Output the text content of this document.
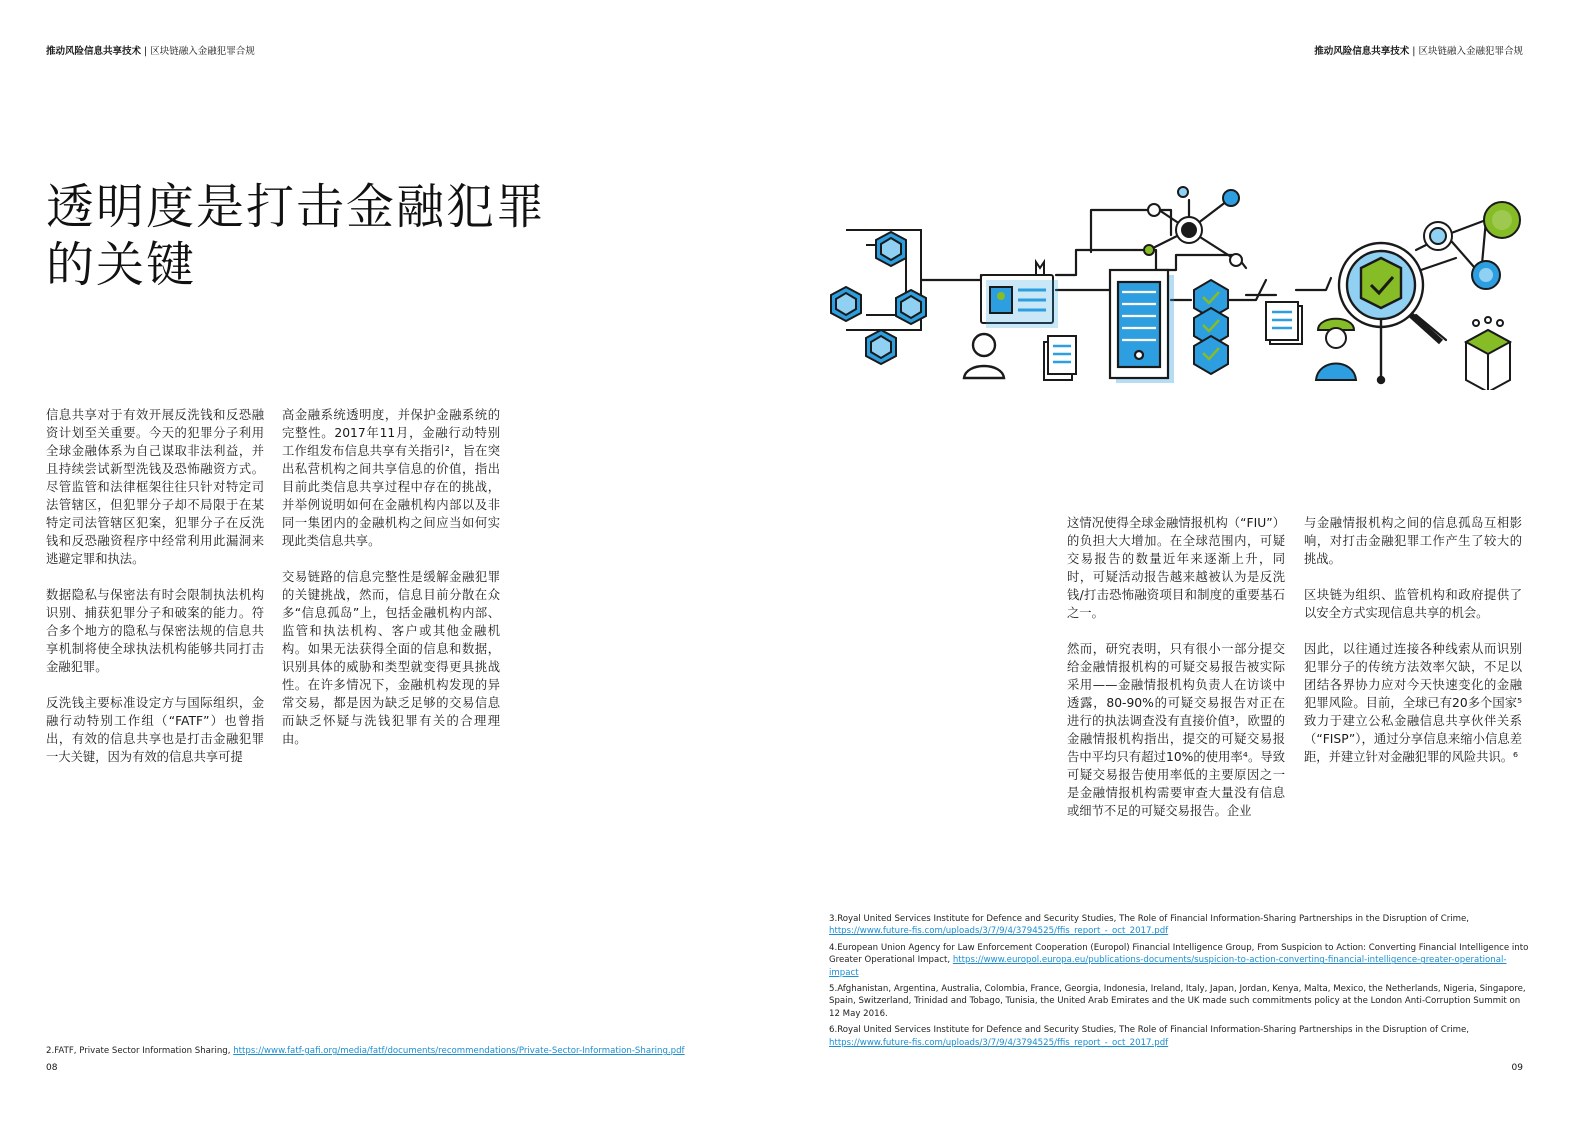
推动风险信息共享技术 | 区块链融入金融犯罪合规	推动风险信息共享技术 | 区块链融入金融犯罪合规
透明度是打击金融犯罪
的关键

信息共享对于有效开展反洗钱和反恐融资计划至关重要。今天的犯罪分子利用全球金融体系为自己谋取非法利益，并且持续尝试新型洗钱及恐怖融资方式。尽管监管和法律框架往往只针对特定司法管辖区，但犯罪分子却不局限于在某特定司法管辖区犯案，犯罪分子在反洗钱和反恐融资程序中经常利用此漏洞来逃避定罪和执法。

数据隐私与保密法有时会限制执法机构识别、捕获犯罪分子和破案的能力。符合多个地方的隐私与保密法规的信息共享机制将使全球执法机构能够共同打击金融犯罪。

反洗钱主要标准设定方与国际组织，金融行动特别工作组（“FATF”）也曾指出，有效的信息共享也是打击金融犯罪一大关键，因为有效的信息共享可提

高金融系统透明度，并保护金融系统的完整性。2017年11月，金融行动特别工作组发布信息共享有关指引²，旨在突出私营机构之间共享信息的价值，指出目前此类信息共享过程中存在的挑战，并举例说明如何在金融机构内部以及非同一集团内的金融机构之间应当如何实现此类信息共享。

交易链路的信息完整性是缓解金融犯罪的关键挑战，然而，信息目前分散在众多“信息孤岛”上，包括金融机构内部、监管和执法机构、客户或其他金融机构。如果无法获得全面的信息和数据，识别具体的威胁和类型就变得更具挑战性。在许多情况下，金融机构发现的异常交易，都是因为缺乏足够的交易信息而缺乏怀疑与洗钱犯罪有关的合理理由。

这情况使得全球金融情报机构（“FIU”）的负担大大增加。在全球范围内，可疑交易报告的数量近年来逐渐上升，同时，可疑活动报告越来越被认为是反洗钱/打击恐怖融资项目和制度的重要基石之一。

然而，研究表明，只有很小一部分提交给金融情报机构的可疑交易报告被实际采用——金融情报机构负责人在访谈中透露，80-90%的可疑交易报告对正在进行的执法调查没有直接价值³，欧盟的金融情报机构指出，提交的可疑交易报告中平均只有超过10%的使用率⁴。导致可疑交易报告使用率低的主要原因之一是金融情报机构需要审查大量没有信息或细节不足的可疑交易报告。企业

与金融情报机构之间的信息孤岛互相影响，对打击金融犯罪工作产生了较大的挑战。

区块链为组织、监管机构和政府提供了以安全方式实现信息共享的机会。

因此，以往通过连接各种线索从而识别犯罪分子的传统方法效率欠缺，不足以团结各界协力应对今天快速变化的金融犯罪风险。目前，全球已有20多个国家⁵致力于建立公私金融信息共享伙伴关系（“FISP”），通过分享信息来缩小信息差距，并建立针对金融犯罪的风险共识。⁶

2.FATF, Private Sector Information Sharing, https://www.fatf-gafi.org/media/fatf/documents/recommendations/Private-Sector-Information-Sharing.pdf
3.Royal United Services Institute for Defence and Security Studies, The Role of Financial Information-Sharing Partnerships in the Disruption of Crime, https://www.future-fis.com/uploads/3/7/9/4/3794525/ffis_report_-_oct_2017.pdf
4.European Union Agency for Law Enforcement Cooperation (Europol) Financial Intelligence Group, From Suspicion to Action: Converting Financial Intelligence into Greater Operational Impact, https://www.europol.europa.eu/publications-documents/suspicion-to-action-converting-financial-intelligence-greater-operational-impact
5.Afghanistan, Argentina, Australia, Colombia, France, Georgia, Indonesia, Ireland, Italy, Japan, Jordan, Kenya, Malta, Mexico, the Netherlands, Nigeria, Singapore, Spain, Switzerland, Trinidad and Tobago, Tunisia, the United Arab Emirates and the UK made such commitments policy at the London Anti-Corruption Summit on 12 May 2016.
6.Royal United Services Institute for Defence and Security Studies, The Role of Financial Information-Sharing Partnerships in the Disruption of Crime, https://www.future-fis.com/uploads/3/7/9/4/3794525/ffis_report_-_oct_2017.pdf
08	09
